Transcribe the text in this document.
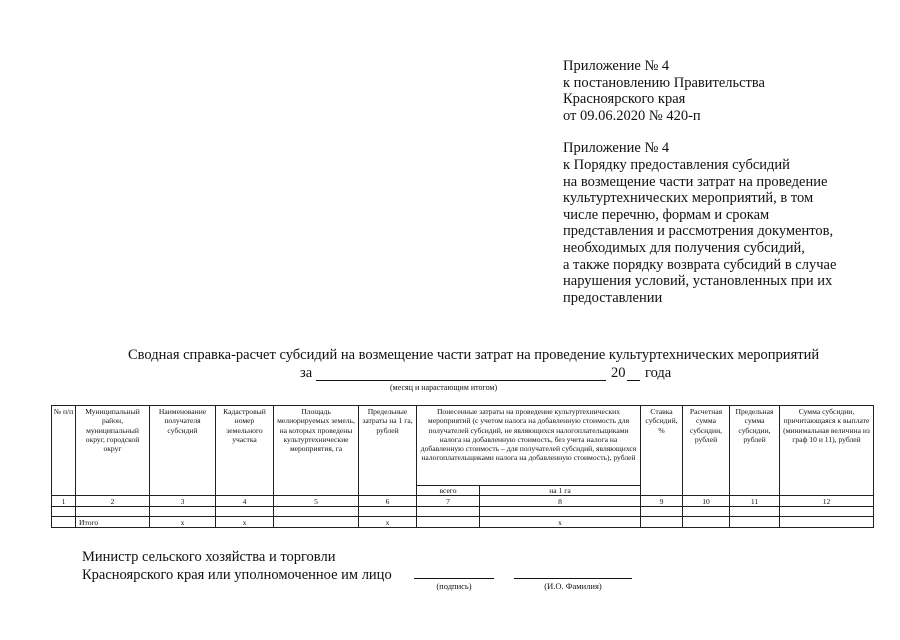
Приложение № 4
к постановлению Правительства
Красноярского края
от 09.06.2020 № 420-п
Приложение № 4
к Порядку предоставления субсидий
на возмещение части затрат на проведение
культуртехнических мероприятий, в том
числе перечню, формам и срокам
представления и рассмотрения документов,
необходимых для получения субсидий,
а также порядку возврата субсидий в случае
нарушения условий, установленных при их
предоставлении
Сводная справка-расчет субсидий на возмещение части затрат на проведение культуртехнических мероприятий
за	20 года
(месяц и нарастающим итогом)
№ п/п	Муниципальный район, муниципальный округ, городской округ	Наименование получателя субсидий	Кадастровый номер земельного участка	Площадь мелиорируемых земель, на которых проведены культуртехнические мероприятия, га	Предельные затраты на 1 га, рублей	Понесенные затраты на проведение культуртехнических мероприятий (с учетом налога на добавленную стоимость для получателей субсидий, не являющихся налогоплательщиками налога на добавленную стоимость, без учета налога на добавленную стоимость – для получателей субсидий, являющихся налогоплательщиками налога на добавленную стоимость), рублей		Ставка субсидий, %	Расчетная сумма субсидии, рублей	Предельная сумма субсидии, рублей	Сумма субсидии, причитающаяся к выплате (минимальная величина из граф 10 и 11), рублей
						всего	на 1 га				
1	2	3	4	5	6	7	8	9	10	11	12

	Итого	x	x		x		x				
Министр сельского хозяйства и торговли
Красноярского края или уполномоченное им лицо
(подпись)	(И.О. Фамилия)
